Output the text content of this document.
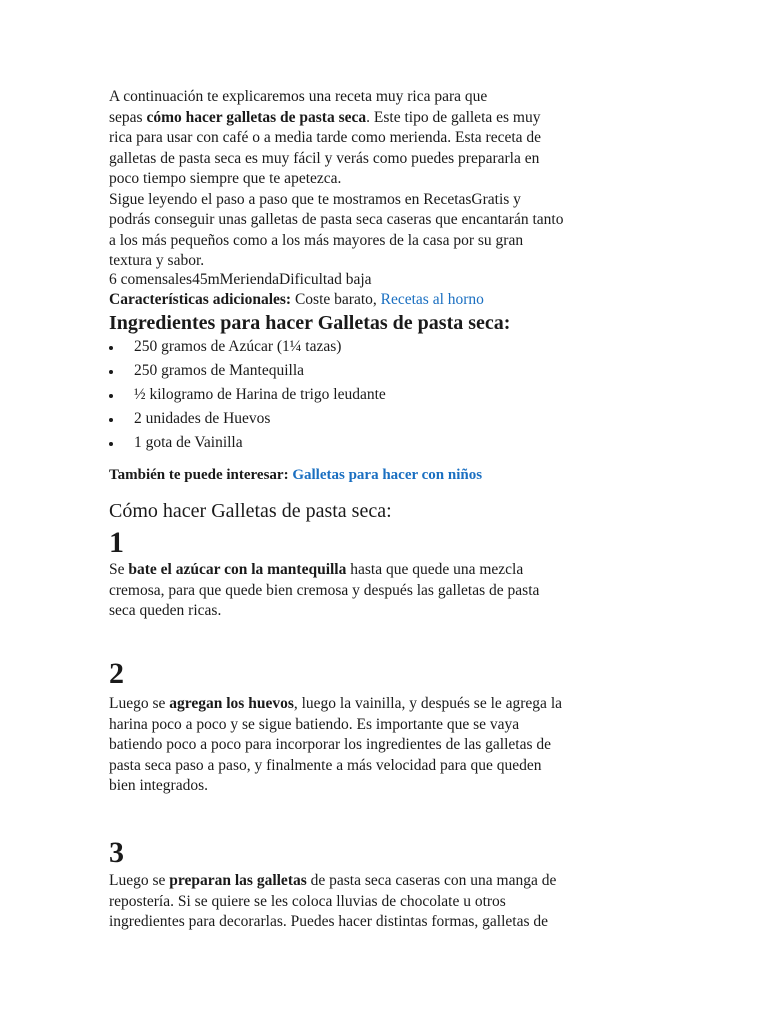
A continuación te explicaremos una receta muy rica para que
sepas cómo hacer galletas de pasta seca. Este tipo de galleta es muy
rica para usar con café o a media tarde como merienda. Esta receta de
galletas de pasta seca es muy fácil y verás como puedes prepararla en
poco tiempo siempre que te apetezca.
Sigue leyendo el paso a paso que te mostramos en RecetasGratis y
podrás conseguir unas galletas de pasta seca caseras que encantarán tanto
a los más pequeños como a los más mayores de la casa por su gran
textura y sabor.

6 comensales45mMeriendaDificultad baja

Características adicionales: Coste barato, Recetas al horno

Ingredientes para hacer Galletas de pasta seca:
250 gramos de Azúcar (1¼ tazas)
250 gramos de Mantequilla
½ kilogramo de Harina de trigo leudante
2 unidades de Huevos
1 gota de Vainilla

También te puede interesar: Galletas para hacer con niños

Cómo hacer Galletas de pasta seca:
1

Se bate el azúcar con la mantequilla hasta que quede una mezcla
cremosa, para que quede bien cremosa y después las galletas de pasta
seca queden ricas.

2

Luego se agregan los huevos, luego la vainilla, y después se le agrega la
harina poco a poco y se sigue batiendo. Es importante que se vaya
batiendo poco a poco para incorporar los ingredientes de las galletas de
pasta seca paso a paso, y finalmente a más velocidad para que queden
bien integrados.

3

Luego se preparan las galletas de pasta seca caseras con una manga de
repostería. Si se quiere se les coloca lluvias de chocolate u otros
ingredientes para decorarlas. Puedes hacer distintas formas, galletas de
